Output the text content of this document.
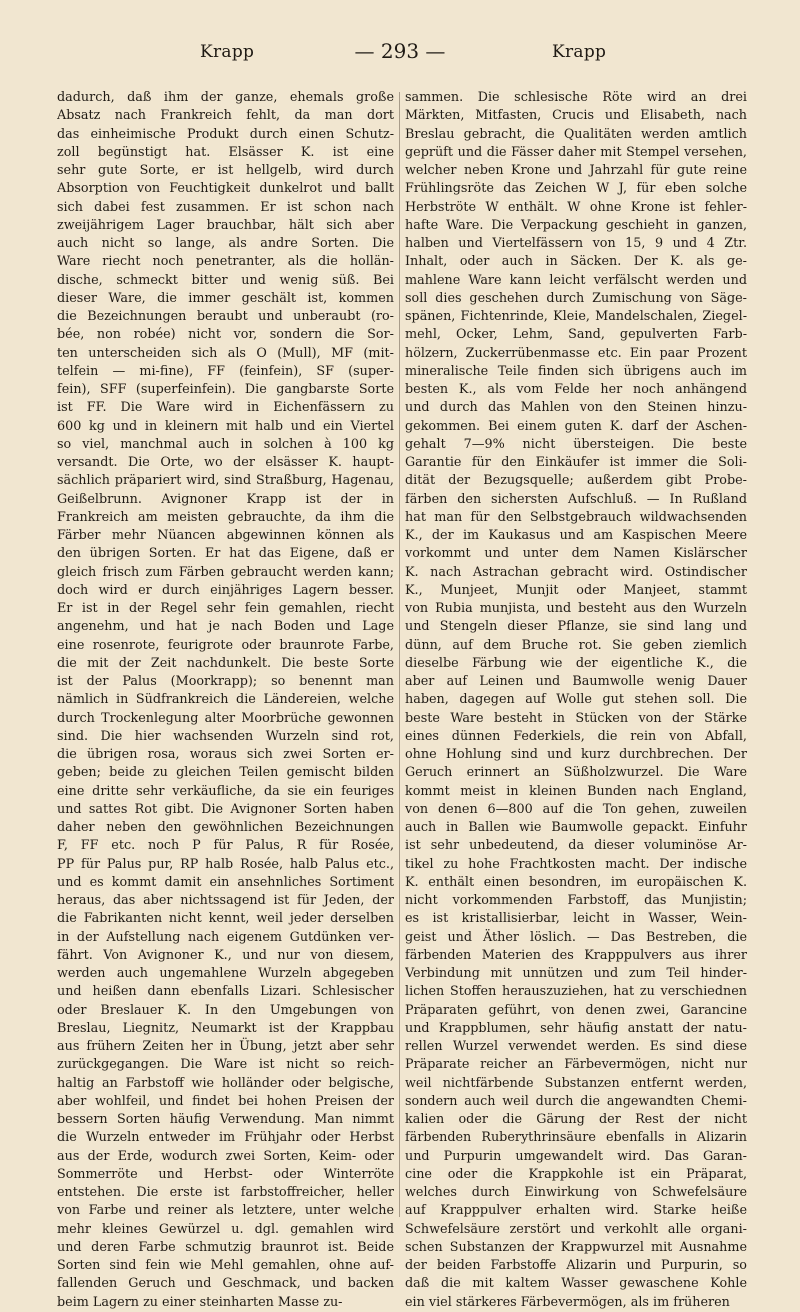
Krapp	— 293 —	Krapp
dadurch, daß ihm der ganze, ehemals große
Absatz nach Frankreich fehlt, da man dort
das einheimische Produkt durch einen Schutz-
zoll begünstigt hat. Elsässer K. ist eine
sehr gute Sorte, er ist hellgelb, wird durch
Absorption von Feuchtigkeit dunkelrot und ballt
sich dabei fest zusammen. Er ist schon nach
zweijährigem Lager brauchbar, hält sich aber
auch nicht so lange, als andre Sorten. Die
Ware riecht noch penetranter, als die hollän-
dische, schmeckt bitter und wenig süß. Bei
dieser Ware, die immer geschält ist, kommen
die Bezeichnungen beraubt und unberaubt (ro-
bée, non robée) nicht vor, sondern die Sor-
ten unterscheiden sich als O (Mull), MF (mit-
telfein — mi-fine), FF (feinfein), SF (super-
fein), SFF (superfeinfein). Die gangbarste Sorte
ist FF. Die Ware wird in Eichenfässern zu
600 kg und in kleinern mit halb und ein Viertel
so viel, manchmal auch in solchen à 100 kg
versandt. Die Orte, wo der elsässer K. haupt-
sächlich präpariert wird, sind Straßburg, Hagenau,
Geißelbrunn. Avignoner Krapp ist der in
Frankreich am meisten gebrauchte, da ihm die
Färber mehr Nüancen abgewinnen können als
den übrigen Sorten. Er hat das Eigene, daß er
gleich frisch zum Färben gebraucht werden kann;
doch wird er durch einjähriges Lagern besser.
Er ist in der Regel sehr fein gemahlen, riecht
angenehm, und hat je nach Boden und Lage
eine rosenrote, feurigrote oder braunrote Farbe,
die mit der Zeit nachdunkelt. Die beste Sorte
ist der Palus (Moorkrapp); so benennt man
nämlich in Südfrankreich die Ländereien, welche
durch Trockenlegung alter Moorbrüche gewonnen
sind. Die hier wachsenden Wurzeln sind rot,
die übrigen rosa, woraus sich zwei Sorten er-
geben; beide zu gleichen Teilen gemischt bilden
eine dritte sehr verkäufliche, da sie ein feuriges
und sattes Rot gibt. Die Avignoner Sorten haben
daher neben den gewöhnlichen Bezeichnungen
F, FF etc. noch P für Palus, R für Rosée,
PP für Palus pur, RP halb Rosée, halb Palus etc.,
und es kommt damit ein ansehnliches Sortiment
heraus, das aber nichtssagend ist für Jeden, der
die Fabrikanten nicht kennt, weil jeder derselben
in der Aufstellung nach eigenem Gutdünken ver-
fährt. Von Avignoner K., und nur von diesem,
werden auch ungemahlene Wurzeln abgegeben
und heißen dann ebenfalls Lizari. Schlesischer
oder Breslauer K. In den Umgebungen von
Breslau, Liegnitz, Neumarkt ist der Krappbau
aus frühern Zeiten her in Übung, jetzt aber sehr
zurückgegangen. Die Ware ist nicht so reich-
haltig an Farbstoff wie holländer oder belgische,
aber wohlfeil, und findet bei hohen Preisen der
bessern Sorten häufig Verwendung. Man nimmt
die Wurzeln entweder im Frühjahr oder Herbst
aus der Erde, wodurch zwei Sorten, Keim- oder
Sommerröte und Herbst- oder Winterröte
entstehen. Die erste ist farbstoffreicher, heller
von Farbe und reiner als letztere, unter welche
mehr kleines Gewürzel u. dgl. gemahlen wird
und deren Farbe schmutzig braunrot ist. Beide
Sorten sind fein wie Mehl gemahlen, ohne auf-
fallenden Geruch und Geschmack, und backen
beim Lagern zu einer steinharten Masse zu-
sammen. Die schlesische Röte wird an drei
Märkten, Mitfasten, Crucis und Elisabeth, nach
Breslau gebracht, die Qualitäten werden amtlich
geprüft und die Fässer daher mit Stempel versehen,
welcher neben Krone und Jahrzahl für gute reine
Frühlingsröte das Zeichen W J, für eben solche
Herbströte W enthält. W ohne Krone ist fehler-
hafte Ware. Die Verpackung geschieht in ganzen,
halben und Viertelfässern von 15, 9 und 4 Ztr.
Inhalt, oder auch in Säcken. Der K. als ge-
mahlene Ware kann leicht verfälscht werden und
soll dies geschehen durch Zumischung von Säge-
spänen, Fichtenrinde, Kleie, Mandelschalen, Ziegel-
mehl, Ocker, Lehm, Sand, gepulverten Farb-
hölzern, Zuckerrübenmasse etc. Ein paar Prozent
mineralische Teile finden sich übrigens auch im
besten K., als vom Felde her noch anhängend
und durch das Mahlen von den Steinen hinzu-
gekommen. Bei einem guten K. darf der Aschen-
gehalt 7—9% nicht übersteigen. Die beste
Garantie für den Einkäufer ist immer die Soli-
dität der Bezugsquelle; außerdem gibt Probe-
färben den sichersten Aufschluß. — In Rußland
hat man für den Selbstgebrauch wildwachsenden
K., der im Kaukasus und am Kaspischen Meere
vorkommt und unter dem Namen Kislärscher
K. nach Astrachan gebracht wird. Ostindischer
K., Munjeet, Munjit oder Manjeet, stammt
von Rubia munjista, und besteht aus den Wurzeln
und Stengeln dieser Pflanze, sie sind lang und
dünn, auf dem Bruche rot. Sie geben ziemlich
dieselbe Färbung wie der eigentliche K., die
aber auf Leinen und Baumwolle wenig Dauer
haben, dagegen auf Wolle gut stehen soll. Die
beste Ware besteht in Stücken von der Stärke
eines dünnen Federkiels, die rein von Abfall,
ohne Hohlung sind und kurz durchbrechen. Der
Geruch erinnert an Süßholzwurzel. Die Ware
kommt meist in kleinen Bunden nach England,
von denen 6—800 auf die Ton gehen, zuweilen
auch in Ballen wie Baumwolle gepackt. Einfuhr
ist sehr unbedeutend, da dieser voluminöse Ar-
tikel zu hohe Frachtkosten macht. Der indische
K. enthält einen besondren, im europäischen K.
nicht vorkommenden Farbstoff, das Munjistin;
es ist kristallisierbar, leicht in Wasser, Wein-
geist und Äther löslich. — Das Bestreben, die
färbenden Materien des Krapppulvers aus ihrer
Verbindung mit unnützen und zum Teil hinder-
lichen Stoffen herauszuziehen, hat zu verschiednen
Präparaten geführt, von denen zwei, Garancine
und Krappblumen, sehr häufig anstatt der natu-
rellen Wurzel verwendet werden. Es sind diese
Präparate reicher an Färbevermögen, nicht nur
weil nichtfärbende Substanzen entfernt werden,
sondern auch weil durch die angewandten Chemi-
kalien oder die Gärung der Rest der nicht
färbenden Ruberythrinsäure ebenfalls in Alizarin
und Purpurin umgewandelt wird. Das Garan-
cine oder die Krappkohle ist ein Präparat,
welches durch Einwirkung von Schwefelsäure
auf Krapppulver erhalten wird. Starke heiße
Schwefelsäure zerstört und verkohlt alle organi-
schen Substanzen der Krappwurzel mit Ausnahme
der beiden Farbstoffe Alizarin und Purpurin, so
daß die mit kaltem Wasser gewaschene Kohle
ein viel stärkeres Färbevermögen, als im früheren
